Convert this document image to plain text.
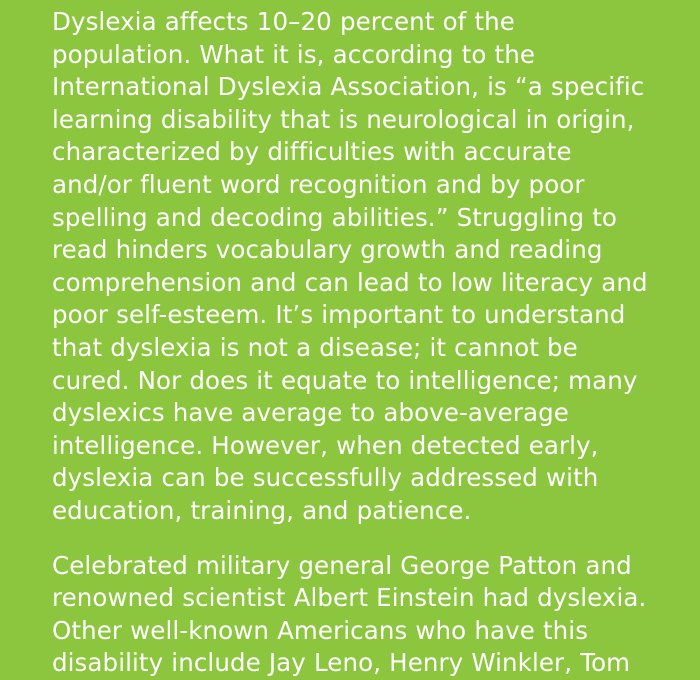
Dyslexia affects 10–20 percent of the population. What it is, according to the International Dyslexia Association, is “a specific learning disability that is neurological in origin, characterized by difficulties with accurate and/or fluent word recognition and by poor spelling and decoding abilities.” Struggling to read hinders vocabulary growth and reading comprehension and can lead to low literacy and poor self-esteem. It’s important to understand that dyslexia is not a disease; it cannot be cured. Nor does it equate to intelligence; many dyslexics have average to above-average intelligence. However, when detected early, dyslexia can be successfully addressed with education, training, and patience.

Celebrated military general George Patton and renowned scientist Albert Einstein had dyslexia. Other well-known Americans who have this disability include Jay Leno, Henry Winkler, Tom
